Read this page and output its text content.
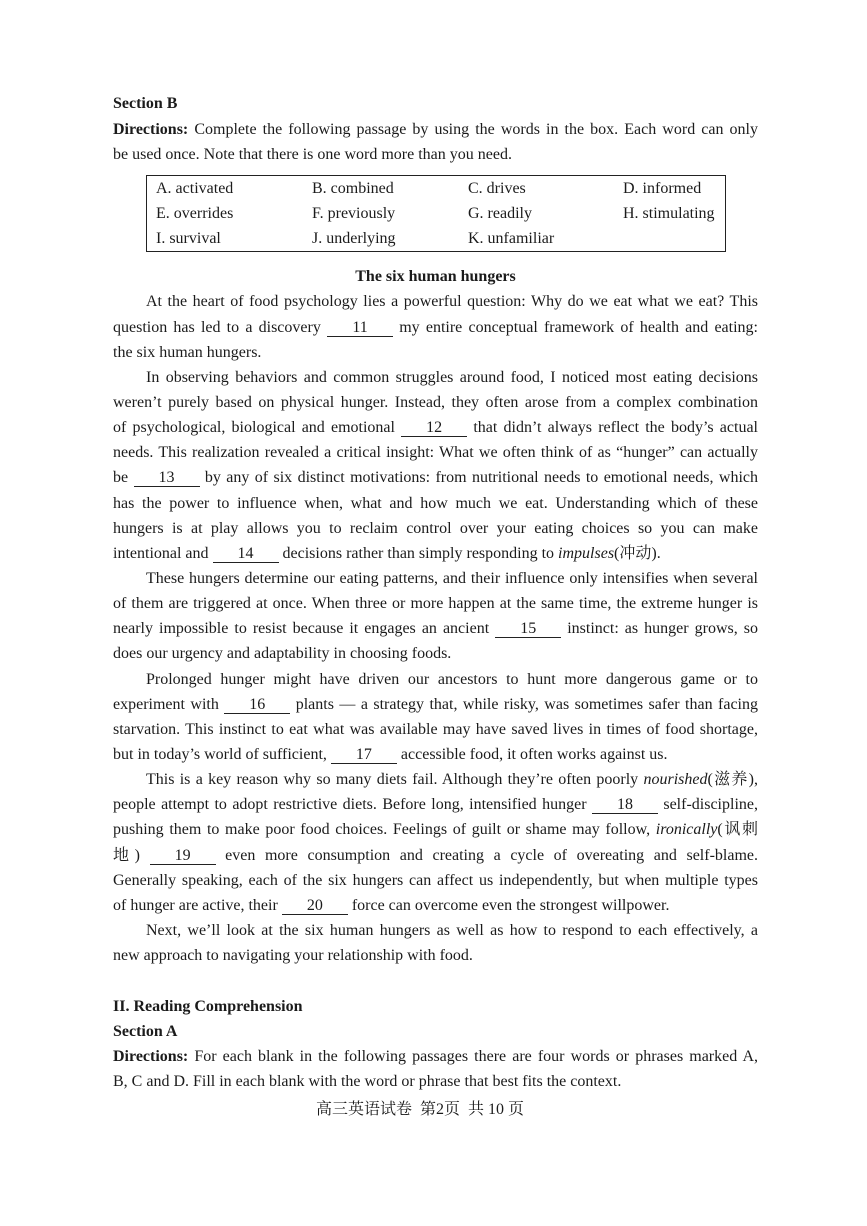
Section B
Directions: Complete the following passage by using the words in the box. Each word can only
be used once. Note that there is one word more than you need.
A. activated	B. combined	C. drives	D. informed
E. overrides	F. previously	G. readily	H. stimulating
I. survival	J. underlying	K. unfamiliar
The six human hungers
At the heart of food psychology lies a powerful question: Why do we eat what we eat? This
question has led to a discovery 11 my entire conceptual framework of health and eating:
the six human hungers.
In observing behaviors and common struggles around food, I noticed most eating decisions
weren’t purely based on physical hunger. Instead, they often arose from a complex combination
of psychological, biological and emotional 12 that didn’t always reflect the body’s actual
needs. This realization revealed a critical insight: What we often think of as “hunger” can actually
be 13 by any of six distinct motivations: from nutritional needs to emotional needs, which
has the power to influence when, what and how much we eat. Understanding which of these
hungers is at play allows you to reclaim control over your eating choices so you can make
intentional and 14 decisions rather than simply responding to impulses(冲动).
These hungers determine our eating patterns, and their influence only intensifies when several
of them are triggered at once. When three or more happen at the same time, the extreme hunger is
nearly impossible to resist because it engages an ancient 15 instinct: as hunger grows, so
does our urgency and adaptability in choosing foods.
Prolonged hunger might have driven our ancestors to hunt more dangerous game or to
experiment with 16 plants — a strategy that, while risky, was sometimes safer than facing
starvation. This instinct to eat what was available may have saved lives in times of food shortage,
but in today’s world of sufficient, 17 accessible food, it often works against us.
This is a key reason why so many diets fail. Although they’re often poorly nourished(滋养),
people attempt to adopt restrictive diets. Before long, intensified hunger 18 self-discipline,
pushing them to make poor food choices. Feelings of guilt or shame may follow, ironically(讽刺
地) 19 even more consumption and creating a cycle of overeating and self-blame.
Generally speaking, each of the six hungers can affect us independently, but when multiple types
of hunger are active, their 20 force can overcome even the strongest willpower.
Next, we’ll look at the six human hungers as well as how to respond to each effectively, a
new approach to navigating your relationship with food.
II. Reading Comprehension
Section A
Directions: For each blank in the following passages there are four words or phrases marked A,
B, C and D. Fill in each blank with the word or phrase that best fits the context.
高三英语试卷  第2页  共 10 页
